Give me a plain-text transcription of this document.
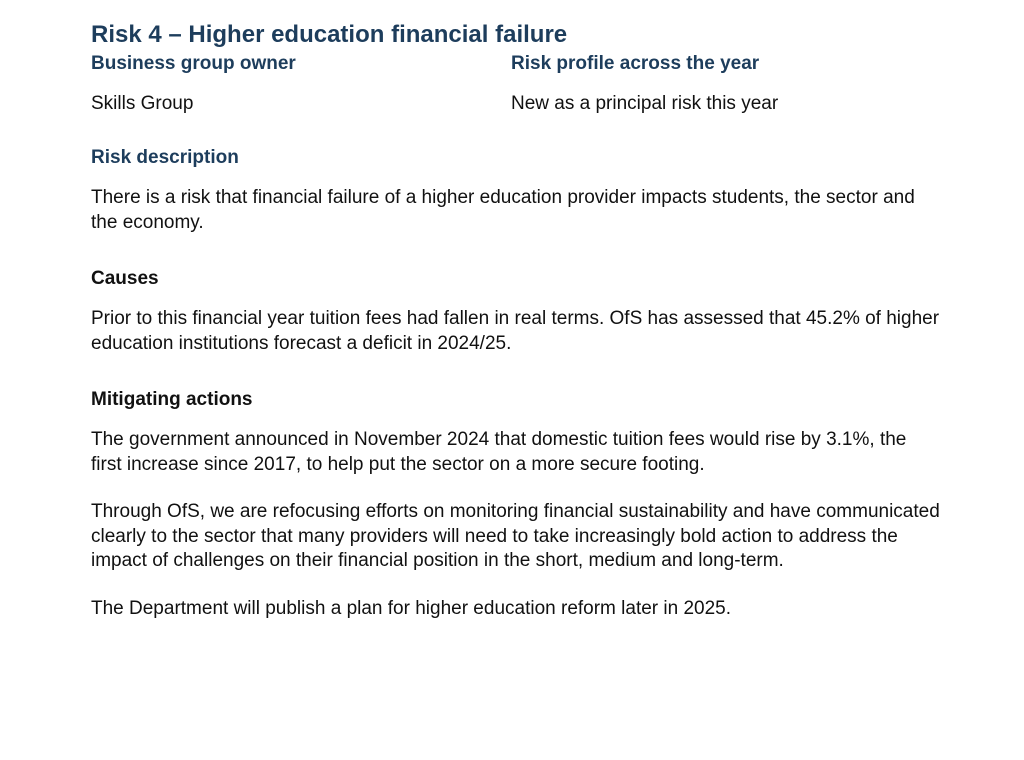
Risk 4 – Higher education financial failure
Business group owner
Skills Group
Risk profile across the year
New as a principal risk this year
Risk description

There is a risk that financial failure of a higher education provider impacts students, the sector and the economy.

Causes

Prior to this financial year tuition fees had fallen in real terms. OfS has assessed that 45.2% of higher education institutions forecast a deficit in 2024/25.

Mitigating actions

The government announced in November 2024 that domestic tuition fees would rise by 3.1%, the first increase since 2017, to help put the sector on a more secure footing.

Through OfS, we are refocusing efforts on monitoring financial sustainability and have communicated clearly to the sector that many providers will need to take increasingly bold action to address the impact of challenges on their financial position in the short, medium and long-term.

The Department will publish a plan for higher education reform later in 2025.
